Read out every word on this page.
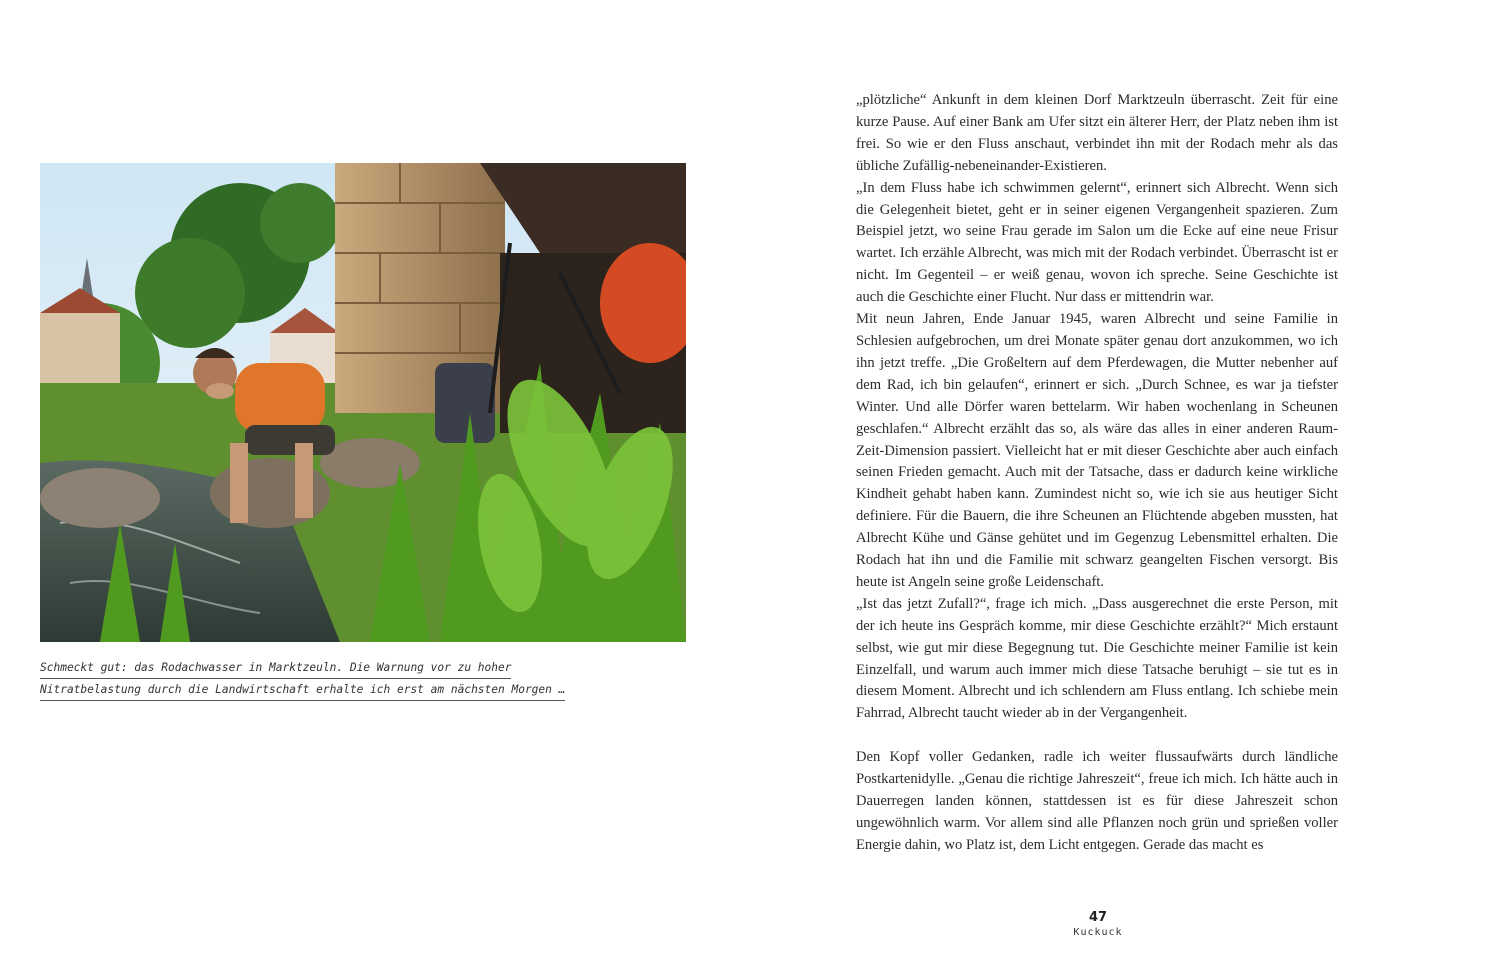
Schmeckt gut: das Rodachwasser in Marktzeuln. Die Warnung vor zu hoher
Nitratbelastung durch die Landwirtschaft erhalte ich erst am nächsten Morgen …

„plötzliche“ Ankunft in dem kleinen Dorf Marktzeuln überrascht. Zeit für eine kurze Pause. Auf einer Bank am Ufer sitzt ein älterer Herr, der Platz neben ihm ist frei. So wie er den Fluss anschaut, verbindet ihn mit der Rodach mehr als das übliche Zufällig-nebeneinander-Existieren.

„In dem Fluss habe ich schwimmen gelernt“, erinnert sich Albrecht. Wenn sich die Gelegenheit bietet, geht er in seiner eigenen Vergangenheit spazieren. Zum Beispiel jetzt, wo seine Frau gerade im Salon um die Ecke auf eine neue Frisur wartet. Ich erzähle Albrecht, was mich mit der Rodach verbindet. Überrascht ist er nicht. Im Gegenteil – er weiß genau, wovon ich spreche. Seine Geschichte ist auch die Geschichte einer Flucht. Nur dass er mittendrin war.

Mit neun Jahren, Ende Januar 1945, waren Albrecht und seine Familie in Schlesien aufgebrochen, um drei Monate später genau dort anzukommen, wo ich ihn jetzt treffe. „Die Großeltern auf dem Pferdewagen, die Mutter nebenher auf dem Rad, ich bin gelaufen“, erinnert er sich. „Durch Schnee, es war ja tiefster Winter. Und alle Dörfer waren bettelarm. Wir haben wochenlang in Scheunen geschlafen.“ Albrecht erzählt das so, als wäre das alles in einer anderen Raum-Zeit-Dimension passiert. Vielleicht hat er mit dieser Geschichte aber auch einfach seinen Frieden gemacht. Auch mit der Tatsache, dass er dadurch keine wirkliche Kindheit gehabt haben kann. Zumindest nicht so, wie ich sie aus heutiger Sicht definiere. Für die Bauern, die ihre Scheunen an Flüchtende abgeben mussten, hat Albrecht Kühe und Gänse gehütet und im Gegenzug Lebensmittel erhalten. Die Rodach hat ihn und die Familie mit schwarz geangelten Fischen versorgt. Bis heute ist Angeln seine große Leidenschaft.

„Ist das jetzt Zufall?“, frage ich mich. „Dass ausgerechnet die erste Person, mit der ich heute ins Gespräch komme, mir diese Geschichte erzählt?“ Mich erstaunt selbst, wie gut mir diese Begegnung tut. Die Geschichte meiner Familie ist kein Einzelfall, und warum auch immer mich diese Tatsache beruhigt – sie tut es in diesem Moment. Albrecht und ich schlendern am Fluss entlang. Ich schiebe mein Fahrrad, Albrecht taucht wieder ab in der Vergangenheit.

Den Kopf voller Gedanken, radle ich weiter flussaufwärts durch ländliche Postkartenidylle. „Genau die richtige Jahreszeit“, freue ich mich. Ich hätte auch in Dauerregen landen können, stattdessen ist es für diese Jahreszeit schon ungewöhnlich warm. Vor allem sind alle Pflanzen noch grün und sprießen voller Energie dahin, wo Platz ist, dem Licht entgegen. Gerade das macht es

47
Kuckuck
